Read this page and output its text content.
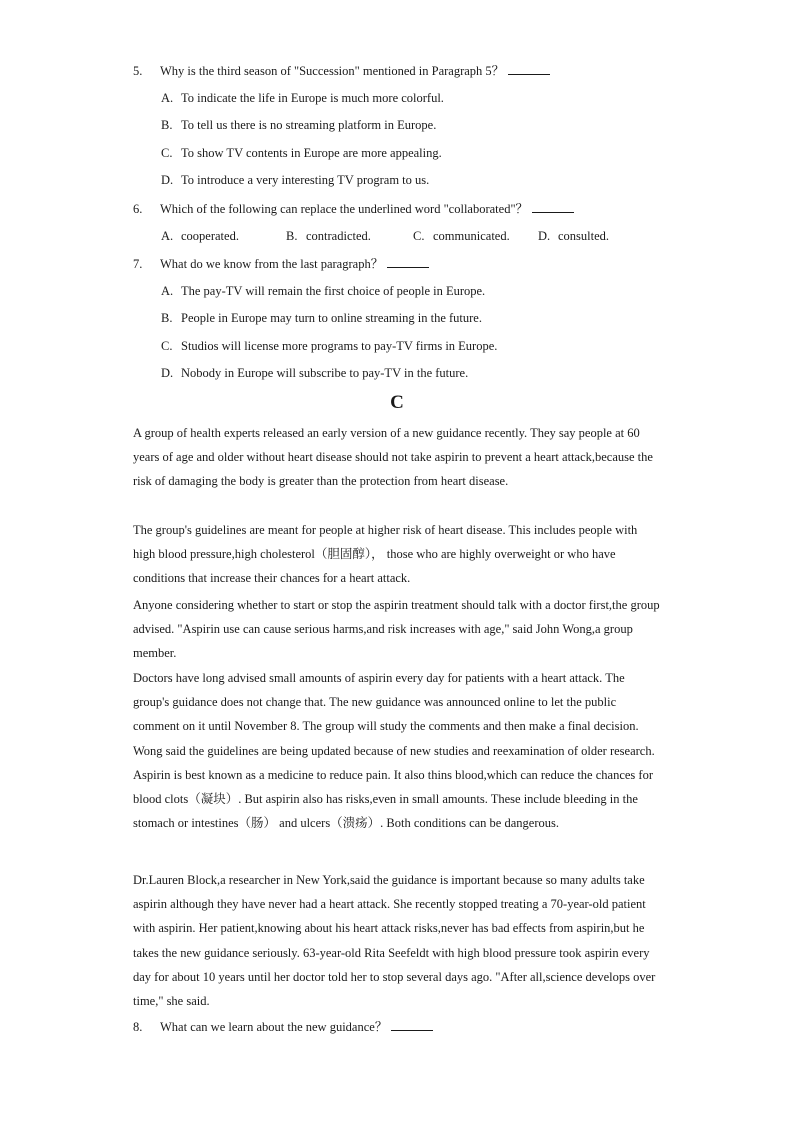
5. Why is the third season of "Succession" mentioned in Paragraph 5？
A. To indicate the life in Europe is much more colorful.
B. To tell us there is no streaming platform in Europe.
C. To show TV contents in Europe are more appealing.
D. To introduce a very interesting TV program to us.
6. Which of the following can replace the underlined word "collaborated"？
A. cooperated.	B. contradicted.	C. communicated. D. consulted.
7. What do we know from the last paragraph？
A. The pay-TV will remain the first choice of people in Europe.
B. People in Europe may turn to online streaming in the future.
C. Studios will license more programs to pay-TV firms in Europe.
D. Nobody in Europe will subscribe to pay-TV in the future.
C
A group of health experts released an early version of a new guidance recently. They say people at 60 years of age and older without heart disease should not take aspirin to prevent a heart attack,because the risk of damaging the body is greater than the protection from heart disease.
The group's guidelines are meant for people at higher risk of heart disease. This includes people with high blood pressure,high cholesterol（胆固醇）， those who are highly overweight or who have conditions that increase their chances for a heart attack.
Anyone considering whether to start or stop the aspirin treatment should talk with a doctor first,the group advised. "Aspirin use can cause serious harms,and risk increases with age," said John Wong,a group member.
Doctors have long advised small amounts of aspirin every day for patients with a heart attack. The group's guidance does not change that. The new guidance was announced online to let the public comment on it until November 8. The group will study the comments and then make a final decision. Wong said the guidelines are being updated because of new studies and reexamination of older research. Aspirin is best known as a medicine to reduce pain. It also thins blood,which can reduce the chances for blood clots（凝块）. But aspirin also has risks,even in small amounts. These include bleeding in the stomach or intestines（肠） and ulcers（溃疡）. Both conditions can be dangerous.
Dr.Lauren Block,a researcher in New York,said the guidance is important because so many adults take aspirin although they have never had a heart attack. She recently stopped treating a 70-year-old patient with aspirin. Her patient,knowing about his heart attack risks,never has bad effects from aspirin,but he takes the new guidance seriously. 63-year-old Rita Seefeldt with high blood pressure took aspirin every day for about 10 years until her doctor told her to stop several days ago. "After all,science develops over time," she said.
8. What can we learn about the new guidance？
